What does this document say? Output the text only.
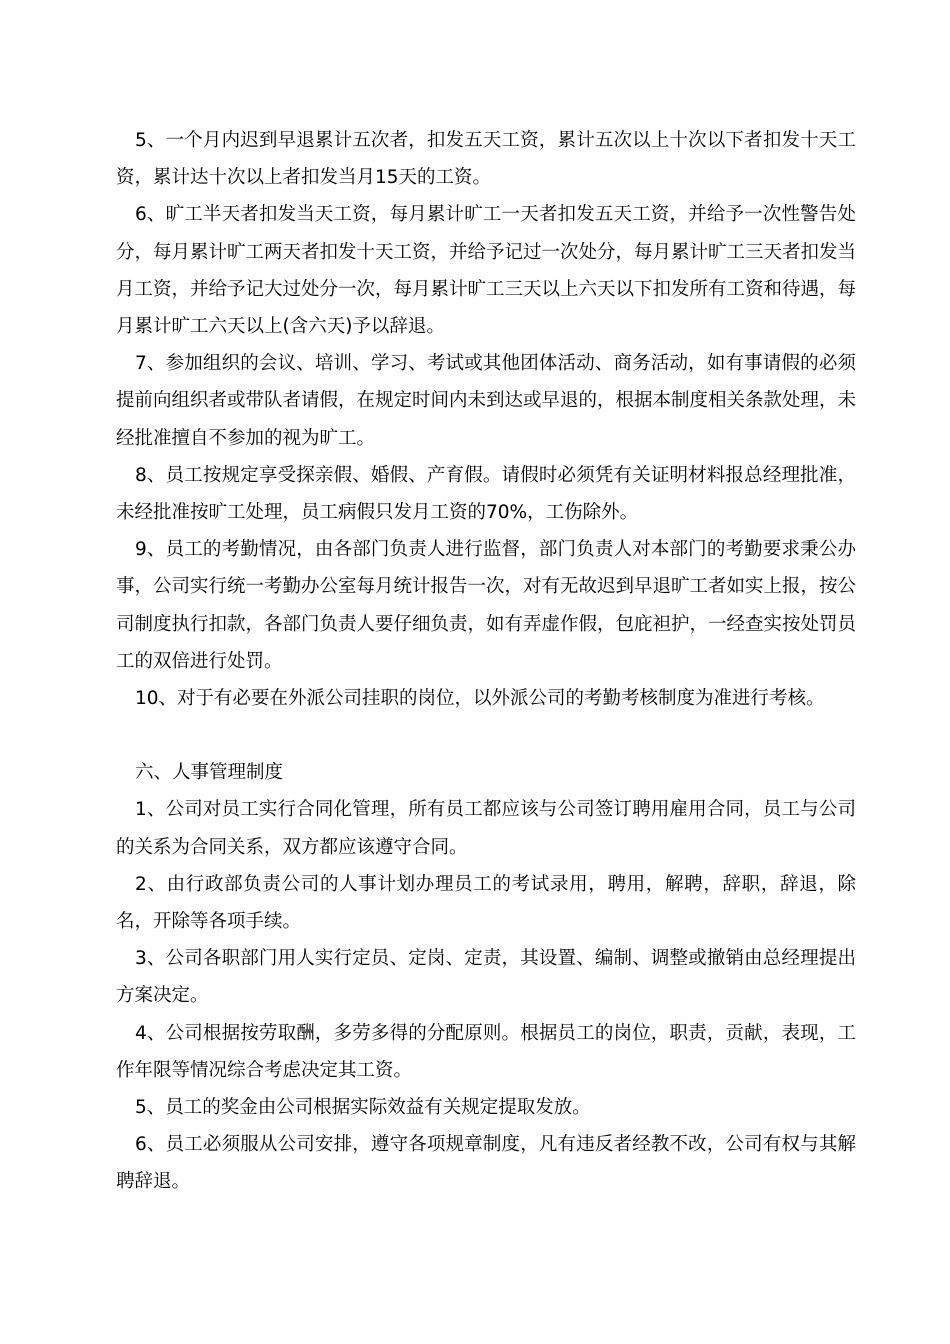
5、一个月内迟到早退累计五次者，扣发五天工资，累计五次以上十次以下者扣发十天工资，累计达十次以上者扣发当月15天的工资。

6、旷工半天者扣发当天工资，每月累计旷工一天者扣发五天工资，并给予一次性警告处分，每月累计旷工两天者扣发十天工资，并给予记过一次处分，每月累计旷工三天者扣发当月工资，并给予记大过处分一次，每月累计旷工三天以上六天以下扣发所有工资和待遇，每月累计旷工六天以上(含六天)予以辞退。

7、参加组织的会议、培训、学习、考试或其他团体活动、商务活动，如有事请假的必须提前向组织者或带队者请假，在规定时间内未到达或早退的，根据本制度相关条款处理，未经批准擅自不参加的视为旷工。

8、员工按规定享受探亲假、婚假、产育假。请假时必须凭有关证明材料报总经理批准，未经批准按旷工处理，员工病假只发月工资的70%，工伤除外。

9、员工的考勤情况，由各部门负责人进行监督，部门负责人对本部门的考勤要求秉公办事，公司实行统一考勤办公室每月统计报告一次，对有无故迟到早退旷工者如实上报，按公司制度执行扣款，各部门负责人要仔细负责，如有弄虚作假，包庇袒护，一经查实按处罚员工的双倍进行处罚。

10、对于有必要在外派公司挂职的岗位，以外派公司的考勤考核制度为准进行考核。

六、人事管理制度

1、公司对员工实行合同化管理，所有员工都应该与公司签订聘用雇用合同，员工与公司的关系为合同关系，双方都应该遵守合同。

2、由行政部负责公司的人事计划办理员工的考试录用，聘用，解聘，辞职，辞退，除名，开除等各项手续。

3、公司各职部门用人实行定员、定岗、定责，其设置、编制、调整或撤销由总经理提出方案决定。

4、公司根据按劳取酬，多劳多得的分配原则。根据员工的岗位，职责，贡献，表现，工作年限等情况综合考虑决定其工资。

5、员工的奖金由公司根据实际效益有关规定提取发放。

6、员工必须服从公司安排，遵守各项规章制度，凡有违反者经教不改，公司有权与其解聘辞退。
